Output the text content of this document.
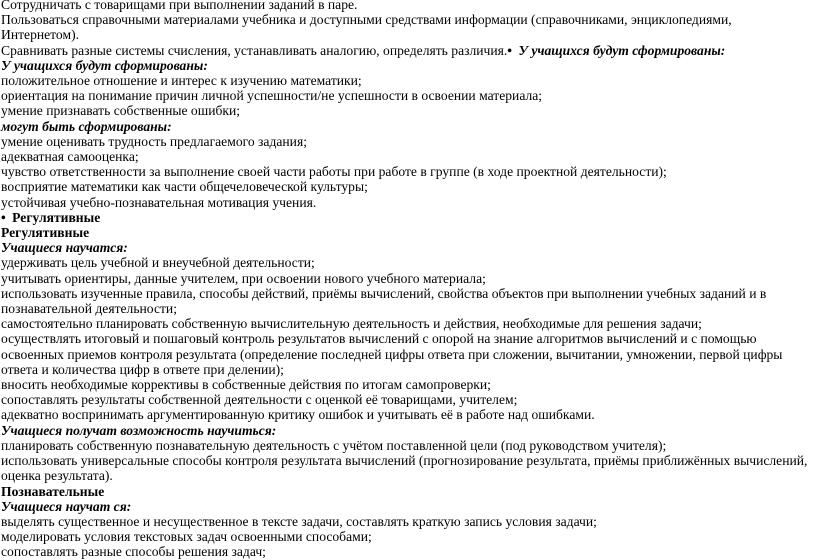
Сотрудничать с товарищами при выполнении заданий в паре.

Пользоваться справочными материалами учебника и доступными средствами информации (справочниками, энциклопедиями, Интернетом).

Сравнивать разные системы счисления, устанавливать аналогию, определять различия.• У учащихся будут сформированы:

У учащихся будут сформированы:

положительное отношение и интерес к изучению математики;

ориентация на понимание причин личной успешности/не успешности в освоении материала;

умение признавать собственные ошибки;

могут быть сформированы:

умение оценивать трудность предлагаемого задания;

адекватная самооценка;

чувство ответственности за выполнение своей части работы при работе в группе (в ходе проектной деятельности);

восприятие математики как части общечеловеческой культуры;

устойчивая учебно-познавательная мотивация учения.

• Регулятивные

Регулятивные

Учащиеся научатся:

удерживать цель учебной и внеучебной деятельности;

учитывать ориентиры, данные учителем, при освоении нового учебного материала;

использовать изученные правила, способы действий, приёмы вычислений, свойства объектов при выполнении учебных заданий и в познавательной деятельности;

самостоятельно планировать собственную вычислительную деятельность и действия, необходимые для решения задачи;

осуществлять итоговый и пошаговый контроль результатов вычислений с опорой на знание алгоритмов вычислений и с помощью освоенных приемов контроля результата (определение последней цифры ответа при сложении, вычитании, умножении, первой цифры ответа и количества цифр в ответе при делении);

вносить необходимые коррективы в собственные действия по итогам самопроверки;

сопоставлять результаты собственной деятельности с оценкой её товарищами, учителем;

адекватно воспринимать аргументированную критику ошибок и учитывать её в работе над ошибками.

Учащиеся получат возможность научиться:

планировать собственную познавательную деятельность с учётом поставленной цели (под руководством учителя);

использовать универсальные способы контроля результата вычислений (прогнозирование результата, приёмы приближённых вычислений, оценка результата).

Познавательные

Учащиеся научат ся:

выделять существенное и несущественное в тексте задачи, составлять краткую запись условия задачи;

моделировать условия текстовых задач освоенными способами;

сопоставлять разные способы решения задач;
